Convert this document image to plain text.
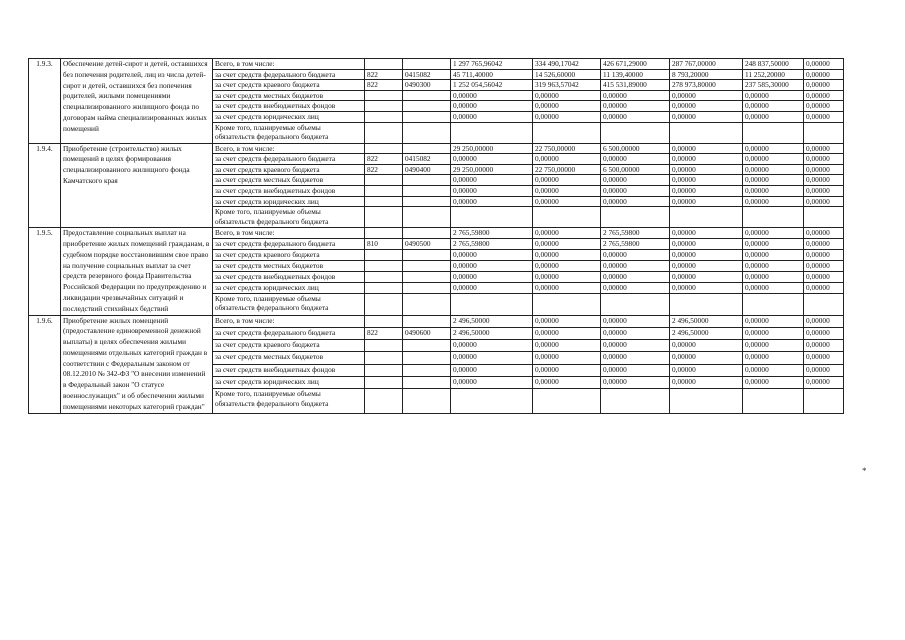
1.9.3.	Обеспечение детей-сирот и детей, оставшихся без попечения родителей, лиц из числа детей-сирот и детей, оставшихся без попечения родителей, жилыми помещениями специализированного жилищного фонда по договорам найма специализированных жилых помещений	Всего, в том числе:			1 297 765,96042	334 490,17042	426 671,29000	287 767,00000	248 837,50000	0,00000
		за счет средств федерального бюджета	822	0415082	45 711,40000	14 526,60000	11 139,40000	8 793,20000	11 252,20000	0,00000
		за счет средств краевого бюджета	822	0490300	1 252 054,56042	319 963,57042	415 531,89000	278 973,80000	237 585,30000	0,00000
		за счет средств местных бюджетов			0,00000	0,00000	0,00000	0,00000	0,00000	0,00000
		за счет средств внебюджетных фондов			0,00000	0,00000	0,00000	0,00000	0,00000	0,00000
		за счет средств юридических лиц			0,00000	0,00000	0,00000	0,00000	0,00000	0,00000
		Кроме того, планируемые объемы обязательств федерального бюджета								
1.9.4.	Приобретение (строительство) жилых помещений в целях формирования специализированного жилищного фонда Камчатского края	Всего, в том числе:			29 250,00000	22 750,00000	6 500,00000	0,00000	0,00000	0,00000
		за счет средств федерального бюджета	822	0415082	0,00000	0,00000	0,00000	0,00000	0,00000	0,00000
		за счет средств краевого бюджета	822	0490400	29 250,00000	22 750,00000	6 500,00000	0,00000	0,00000	0,00000
		за счет средств местных бюджетов			0,00000	0,00000	0,00000	0,00000	0,00000	0,00000
		за счет средств внебюджетных фондов			0,00000	0,00000	0,00000	0,00000	0,00000	0,00000
		за счет средств юридических лиц			0,00000	0,00000	0,00000	0,00000	0,00000	0,00000
		Кроме того, планируемые объемы обязательств федерального бюджета								
1.9.5.	Предоставление социальных выплат на приобретение жилых помещений гражданам, в судебном порядке восстановившим свое право на получение социальных выплат за счет средств резервного фонда Правительства Российской Федерации по предупреждению и ликвидации чрезвычайных ситуаций и последствий стихийных бедствий	Всего, в том числе:			2 765,59800	0,00000	2 765,59800	0,00000	0,00000	0,00000
		за счет средств федерального бюджета	810	0490500	2 765,59800	0,00000	2 765,59800	0,00000	0,00000	0,00000
		за счет средств краевого бюджета			0,00000	0,00000	0,00000	0,00000	0,00000	0,00000
		за счет средств местных бюджетов			0,00000	0,00000	0,00000	0,00000	0,00000	0,00000
		за счет средств внебюджетных фондов			0,00000	0,00000	0,00000	0,00000	0,00000	0,00000
		за счет средств юридических лиц			0,00000	0,00000	0,00000	0,00000	0,00000	0,00000
		Кроме того, планируемые объемы обязательств федерального бюджета								
1.9.6.	Приобретение жилых помещений (предоставление единовременной денежной выплаты) в целях обеспечения жилыми помещениями отдельных категорий граждан в соответствии с Федеральным законом от 08.12.2010 № 342-ФЗ "О внесении изменений в Федеральный закон "О статусе военнослужащих" и об обеспечении жилыми помещениями некоторых категорий граждан"	Всего, в том числе:			2 496,50000	0,00000	0,00000	2 496,50000	0,00000	0,00000
		за счет средств федерального бюджета	822	0490600	2 496,50000	0,00000	0,00000	2 496,50000	0,00000	0,00000
		за счет средств краевого бюджета			0,00000	0,00000	0,00000	0,00000	0,00000	0,00000
		за счет средств местных бюджетов			0,00000	0,00000	0,00000	0,00000	0,00000	0,00000
		за счет средств внебюджетных фондов			0,00000	0,00000	0,00000	0,00000	0,00000	0,00000
		за счет средств юридических лиц			0,00000	0,00000	0,00000	0,00000	0,00000	0,00000
		Кроме того, планируемые объемы обязательств федерального бюджета								
*
